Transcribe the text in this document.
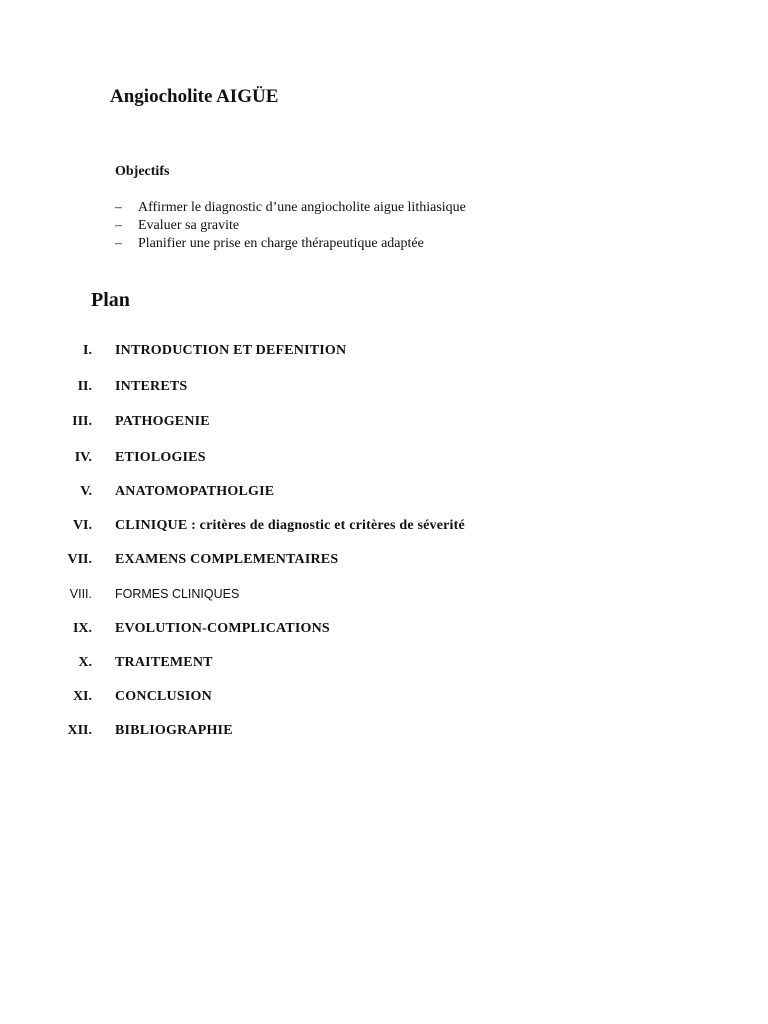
Angiocholite AIGÜE
Objectifs
–	Affirmer le diagnostic d’une angiocholite aigue lithiasique
–	Evaluer sa gravite
–	Planifier une prise en charge thérapeutique adaptée
Plan
I. INTRODUCTION ET DEFENITION
II. INTERETS
III. PATHOGENIE
IV. ETIOLOGIES
V. ANATOMOPATHOLGIE
VI. CLINIQUE : critères de diagnostic et critères de séverité
VII. EXAMENS COMPLEMENTAIRES
VIII. FORMES CLINIQUES
IX. EVOLUTION-COMPLICATIONS
X. TRAITEMENT
XI. CONCLUSION
XII. BIBLIOGRAPHIE
